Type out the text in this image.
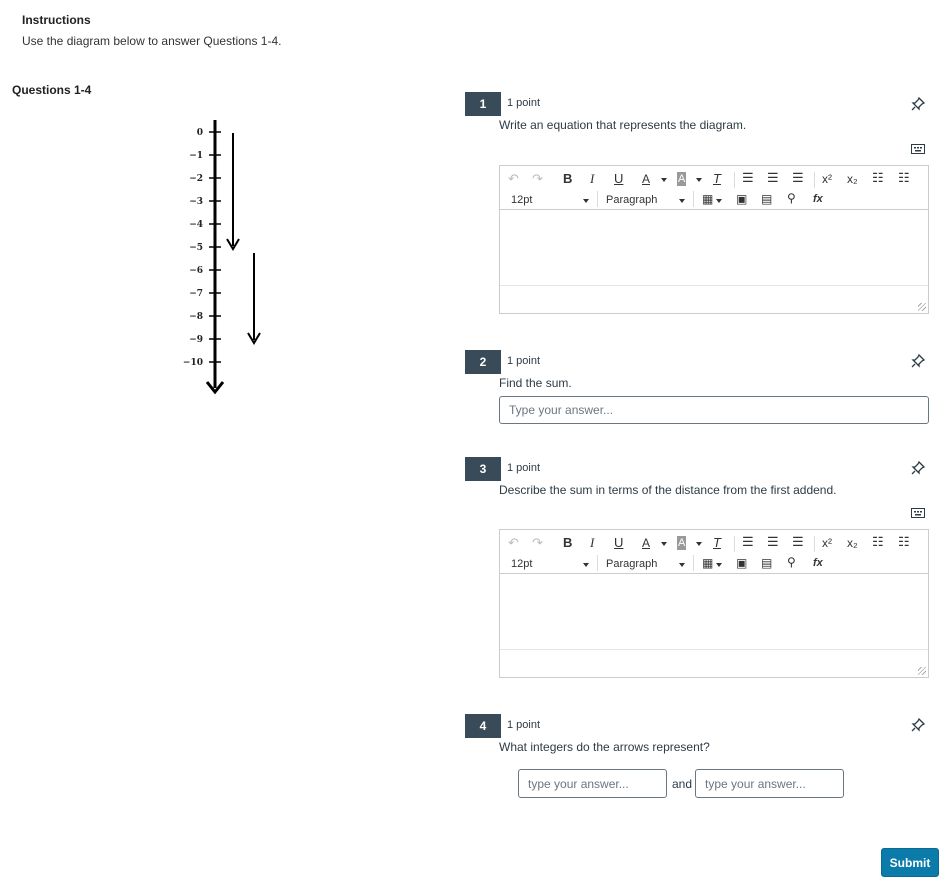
Instructions
Use the diagram below to answer Questions 1-4.
Questions 1-4
0
−1
−2
−3
−4
−5
−6
−7
−8
−9
−10
1	1 point
Write an equation that represents the diagram.
↶ ↷ B I U A	A T ☰ ☰ ☰ x² x₂ ☷ ☷
12pt	Paragraph	▦ ▣ ▤ ⚲ fx
2	1 point
Find the sum.
Type your answer...
3	1 point
Describe the sum in terms of the distance from the first addend.
↶ ↷ B I U A	A T ☰ ☰ ☰ x² x₂ ☷ ☷
12pt	Paragraph	▦ ▣ ▤ ⚲ fx
4	1 point
What integers do the arrows represent?
type your answer...
and
type your answer...
Submit
